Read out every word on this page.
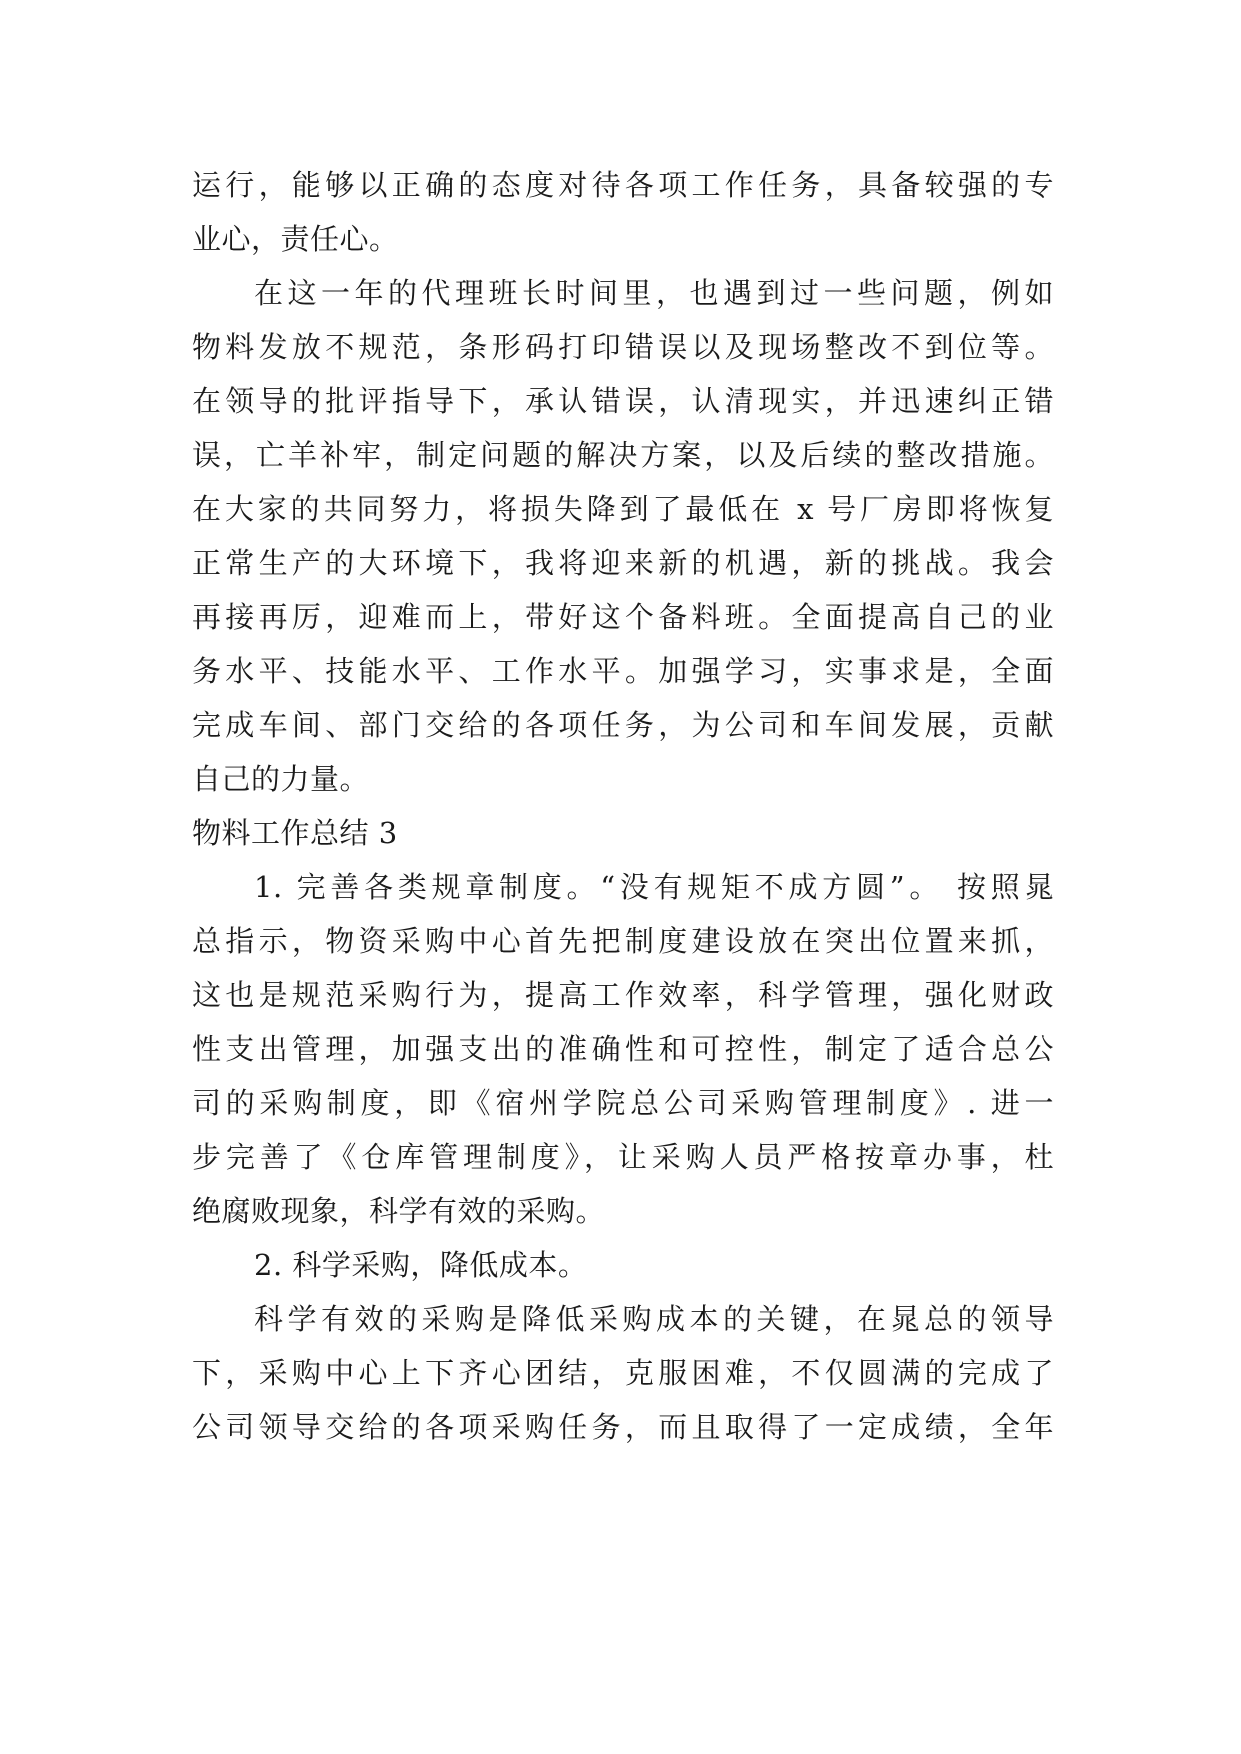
运行，能够以正确的态度对待各项工作任务，具备较强的专
业心，责任心。
在这一年的代理班长时间里，也遇到过一些问题，例如
物料发放不规范，条形码打印错误以及现场整改不到位等。
在领导的批评指导下，承认错误，认清现实，并迅速纠正错
误，亡羊补牢，制定问题的解决方案，以及后续的整改措施。
在大家的共同努力，将损失降到了最低在 x 号厂房即将恢复
正常生产的大环境下，我将迎来新的机遇，新的挑战。我会
再接再厉，迎难而上，带好这个备料班。全面提高自己的业
务水平、技能水平、工作水平。加强学习，实事求是，全面
完成车间、部门交给的各项任务，为公司和车间发展，贡献
自己的力量。
物料工作总结 3
1. 完善各类规章制度。“没有规矩不成方圆”。 按照晁
总指示，物资采购中心首先把制度建设放在突出位置来抓，
这也是规范采购行为，提高工作效率，科学管理，强化财政
性支出管理，加强支出的准确性和可控性，制定了适合总公
司的采购制度，即《宿州学院总公司采购管理制度》. 进一
步完善了《仓库管理制度》，让采购人员严格按章办事，杜
绝腐败现象，科学有效的采购。
2. 科学采购，降低成本。
科学有效的采购是降低采购成本的关键，在晁总的领导
下，采购中心上下齐心团结，克服困难，不仅圆满的完成了
公司领导交给的各项采购任务，而且取得了一定成绩，全年
